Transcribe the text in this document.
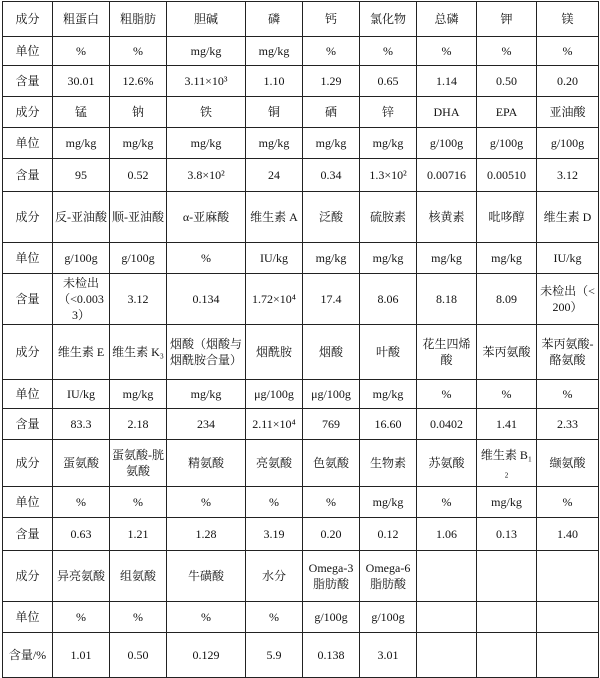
成分	粗蛋白	粗脂肪	胆碱	磷	钙	氯化物	总磷	钾	镁
单位	%	%	mg/kg	mg/kg	%	%	%	%	%
含量	30.01	12.6%	3.11×10³	1.10	1.29	0.65	1.14	0.50	0.20
成分	锰	钠	铁	铜	硒	锌	DHA	EPA	亚油酸
单位	mg/kg	mg/kg	mg/kg	mg/kg	mg/kg	mg/kg	g/100g	g/100g	g/100g
含量	95	0.52	3.8×10²	24	0.34	1.3×10²	0.00716	0.00510	3.12
成分	反-亚油酸	顺-亚油酸	α-亚麻酸	维生素 A	泛酸	硫胺素	核黄素	吡哆醇	维生素 D
单位	g/100g	g/100g	%	IU/kg	mg/kg	mg/kg	mg/kg	mg/kg	IU/kg
含量	未检出（<0.0033）	3.12	0.134	1.72×10⁴	17.4	8.06	8.18	8.09	未检出（<200）
成分	维生素 E	维生素 K₃	烟酸（烟酸与烟酰胺合量）	烟酰胺	烟酸	叶酸	花生四烯酸	苯丙氨酸	苯丙氨酸-酪氨酸
单位	IU/kg	mg/kg	mg/kg	μg/100g	μg/100g	mg/kg	%	%	%
含量	83.3	2.18	234	2.11×10⁴	769	16.60	0.0402	1.41	2.33
成分	蛋氨酸	蛋氨酸-胱氨酸	精氨酸	亮氨酸	色氨酸	生物素	苏氨酸	维生素 B₁₂	缬氨酸
单位	%	%	%	%	%	mg/kg	%	mg/kg	%
含量	0.63	1.21	1.28	3.19	0.20	0.12	1.06	0.13	1.40
成分	异亮氨酸	组氨酸	牛磺酸	水分	Omega-3 脂肪酸	Omega-6 脂肪酸			
单位	%	%	%	%	g/100g	g/100g			
含量/%	1.01	0.50	0.129	5.9	0.138	3.01			
